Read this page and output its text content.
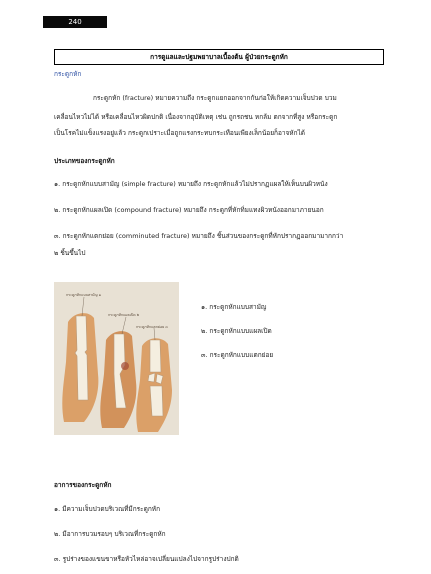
240
การดูแลและปฐมพยาบาลเบื้องต้น ผู้ป่วยกระดูกหัก
กระดูกหัก
กระดูกหัก (fracture) หมายความถึง กระดูกแยกออกจากกันก่อให้เกิดความเจ็บปวด บวม
เคลื่อนไหวไม่ได้ หรือเคลื่อนไหวผิดปกติ เนื่องจากอุบัติเหตุ เช่น ถูกรถชน หกล้ม ตกจากที่สูง หรือกระดูก
เป็นโรคไม่แข็งแรงอยู่แล้ว กระดูกเปราะเมื่อถูกแรงกระทบกระเทือนเพียงเล็กน้อยก็อาจหักได้
ประเภทของกระดูกหัก
๑. กระดูกหักแบบสามัญ (simple fracture) หมายถึง กระดูกหักแล้วไม่ปรากฏแผลให้เห็นบนผิวหนัง
๒. กระดูกหักแผลเปิด (compound fracture) หมายถึง กระดูกที่หักทิ่มแทงผิวหนังออกมาภายนอก
๓. กระดูกหักแตกย่อย (comminuted fracture) หมายถึง ชิ้นส่วนของกระดูกที่หักปรากฏออกมามากกว่า
๒ ชิ้นขึ้นไป
กระดูกหักแบบสามัญ ๑
กระดูกหักแผลเปิด ๒
กระดูกหักแตกย่อย ๓
๑. กระดูกหักแบบสามัญ
๒. กระดูกหักแบบแผลเปิด
๓. กระดูกหักแบบแตกย่อย
อาการของกระดูกหัก
๑. มีความเจ็บปวดบริเวณที่มีกระดูกหัก
๒. มีอาการบวมรอบๆ บริเวณที่กระดูกหัก
๓. รูปร่างของแขนขาหรือหัวไหล่อาจเปลี่ยนแปลงไปจากรูปร่างปกติ
